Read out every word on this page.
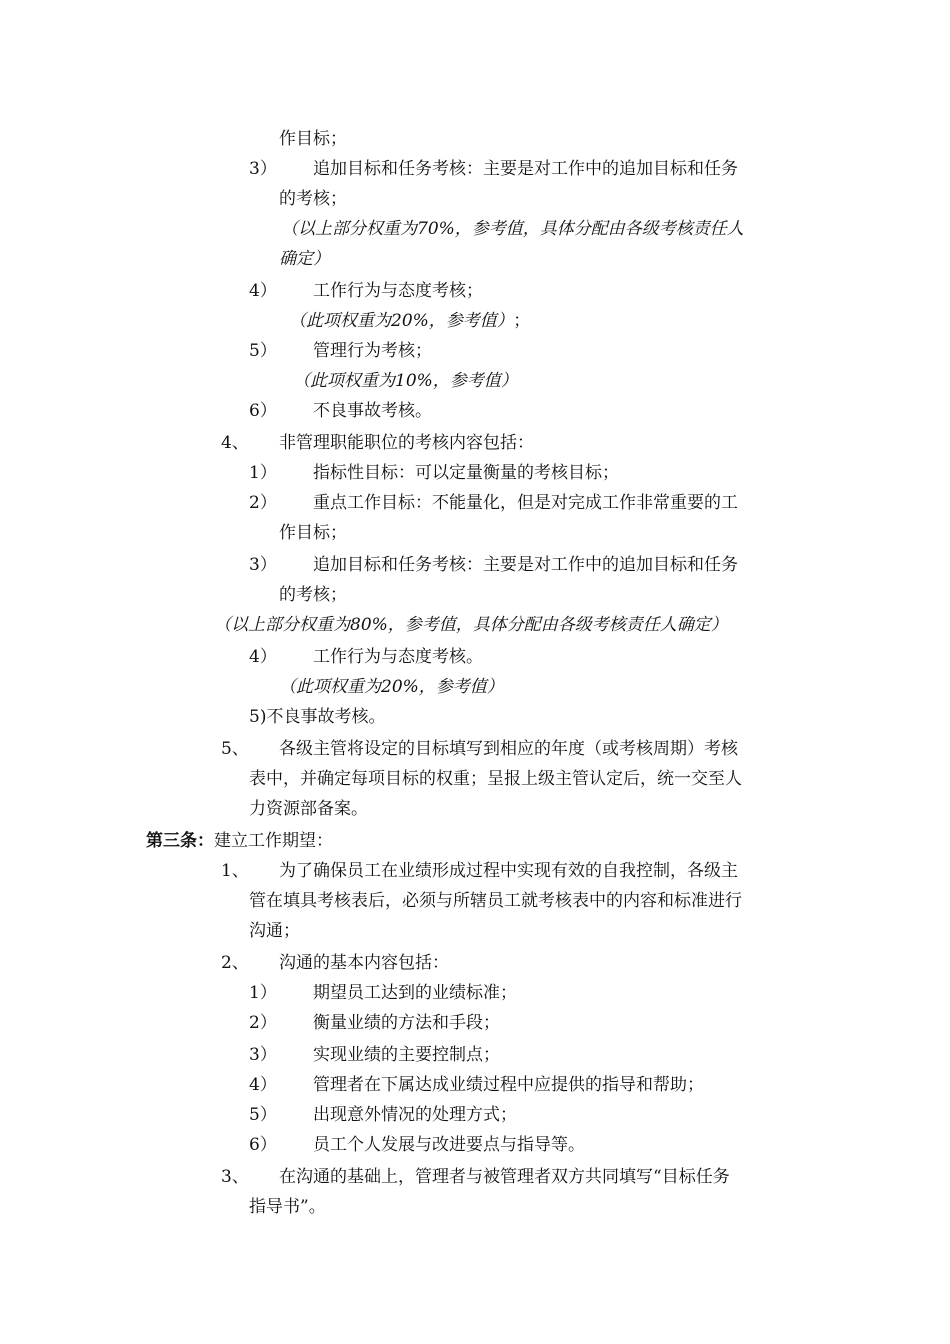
作目标；
3） 追加目标和任务考核：主要是对工作中的追加目标和任务
的考核；
（以上部分权重为70%，参考值，具体分配由各级考核责任人
确定）
4） 工作行为与态度考核；
（此项权重为20%，参考值） ；
5） 管理行为考核；
（此项权重为10%，参考值）
6） 不良事故考核。
4、 非管理职能职位的考核内容包括：
1） 指标性目标：可以定量衡量的考核目标；
2） 重点工作目标：不能量化，但是对完成工作非常重要的工
作目标；
3） 追加目标和任务考核：主要是对工作中的追加目标和任务
的考核；
（以上部分权重为80%，参考值，具体分配由各级考核责任人确定）
4） 工作行为与态度考核。
（此项权重为20%，参考值）
5)不良事故考核。
5、 各级主管将设定的目标填写到相应的年度（或考核周期）考核
表中，并确定每项目标的权重；呈报上级主管认定后，统一交至人
力资源部备案。
第三条：建立工作期望：
1、 为了确保员工在业绩形成过程中实现有效的自我控制，各级主
管在填具考核表后，必须与所辖员工就考核表中的内容和标准进行
沟通；
2、 沟通的基本内容包括：
1） 期望员工达到的业绩标准；
2） 衡量业绩的方法和手段；
3） 实现业绩的主要控制点；
4） 管理者在下属达成业绩过程中应提供的指导和帮助；
5） 出现意外情况的处理方式；
6） 员工个人发展与改进要点与指导等。
3、 在沟通的基础上，管理者与被管理者双方共同填写“目标任务
指导书”。
